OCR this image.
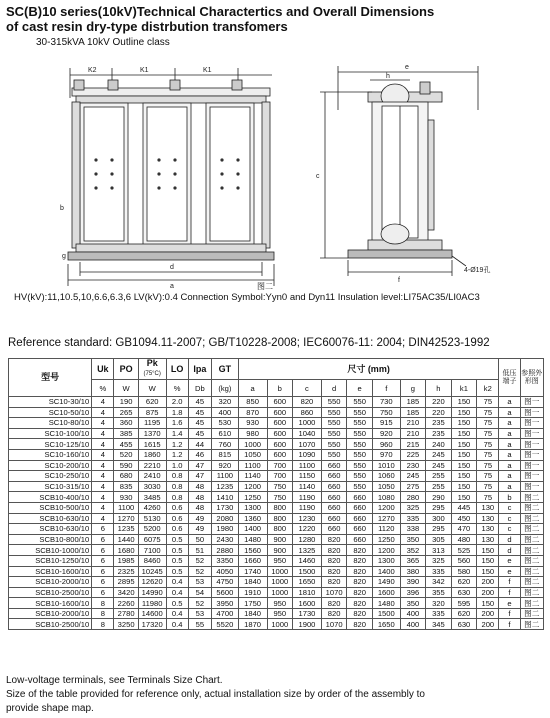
SC(B)10 series(10kV)Technical Charactertics and Overall Dimensions
of cast resin dry-type distrbution transfomers
30-315kVA 10kV Outline class
K2	K1	K1
b
d
a
g
e
h
c
f
4-Ø19孔
图二
HV(kV):11,10.5,10,6.6,6.3,6 LV(kV):0.4 Connection Symbol:Yyn0 and Dyn11 Insulation level:LI75AC35/LI0AC3
Reference standard: GB1094.11-2007; GB/T10228-2008; IEC60076-11: 2004; DIN42523-1992
型号	Uk	PO	Pk
(75°C)	LO	Ipa	GT	尺寸 (mm)										低压端子	参照外形图
	%	W	W	%	Db	(kg)	a	b	c	d	e	f	g	h	k1	k2		
SC10-30/10	4	190	620	2.0	45	320	850	600	820	550	550	730	185	220	150	75	a	图一
SC10-50/10	4	265	875	1.8	45	400	870	600	860	550	550	750	185	220	150	75	a	图一
SC10-80/10	4	360	1195	1.6	45	530	930	600	1000	550	550	915	210	235	150	75	a	图一
SC10-100/10	4	385	1370	1.4	45	610	980	600	1040	550	550	920	210	235	150	75	a	图一
SC10-125/10	4	455	1615	1.2	44	760	1000	600	1070	550	550	960	215	240	150	75	a	图一
SC10-160/10	4	520	1860	1.2	46	815	1050	600	1090	550	550	970	225	245	150	75	a	图一
SC10-200/10	4	590	2210	1.0	47	920	1100	700	1100	660	550	1010	230	245	150	75	a	图一
SC10-250/10	4	680	2410	0.8	47	1100	1140	700	1150	660	550	1060	245	255	150	75	a	图一
SC10-315/10	4	835	3030	0.8	48	1235	1200	750	1140	660	550	1050	275	255	150	75	a	图一
SCB10-400/10	4	930	3485	0.8	48	1410	1250	750	1190	660	660	1080	280	290	150	75	b	图二
SCB10-500/10	4	1100	4260	0.6	48	1730	1300	800	1190	660	660	1200	325	295	445	130	c	图二
SCB10-630/10	4	1270	5130	0.6	49	2080	1360	800	1230	660	660	1270	335	300	450	130	c	图二
SCB10-630/10	6	1235	5200	0.6	49	1980	1400	800	1220	660	660	1120	338	295	470	130	c	图二
SCB10-800/10	6	1440	6075	0.5	50	2430	1480	900	1280	820	660	1250	350	305	480	130	d	图二
SCB10-1000/10	6	1680	7100	0.5	51	2880	1560	900	1325	820	820	1200	352	313	525	150	d	图二
SCB10-1250/10	6	1985	8460	0.5	52	3350	1660	950	1460	820	820	1300	365	325	560	150	e	图二
SCB10-1600/10	6	2325	10245	0.5	52	4050	1740	1000	1500	820	820	1400	380	335	580	150	e	图二
SCB10-2000/10	6	2895	12620	0.4	53	4750	1840	1000	1650	820	820	1490	390	342	620	200	f	图二
SCB10-2500/10	6	3420	14990	0.4	54	5600	1910	1000	1810	1070	820	1600	396	355	630	200	f	图二
SCB10-1600/10	8	2260	11980	0.5	52	3950	1750	950	1600	820	820	1480	350	320	595	150	e	图二
SCB10-2000/10	8	2780	14600	0.4	53	4700	1840	950	1730	820	820	1500	400	335	620	200	f	图二
SCB10-2500/10	8	3250	17320	0.4	55	5520	1870	1000	1900	1070	820	1650	400	345	630	200	f	图二
Low-voltage terminals, see Terminals Size Chart.
Size of the table provided for reference only, actual installation size by order of the assembly to
provide shape map.
